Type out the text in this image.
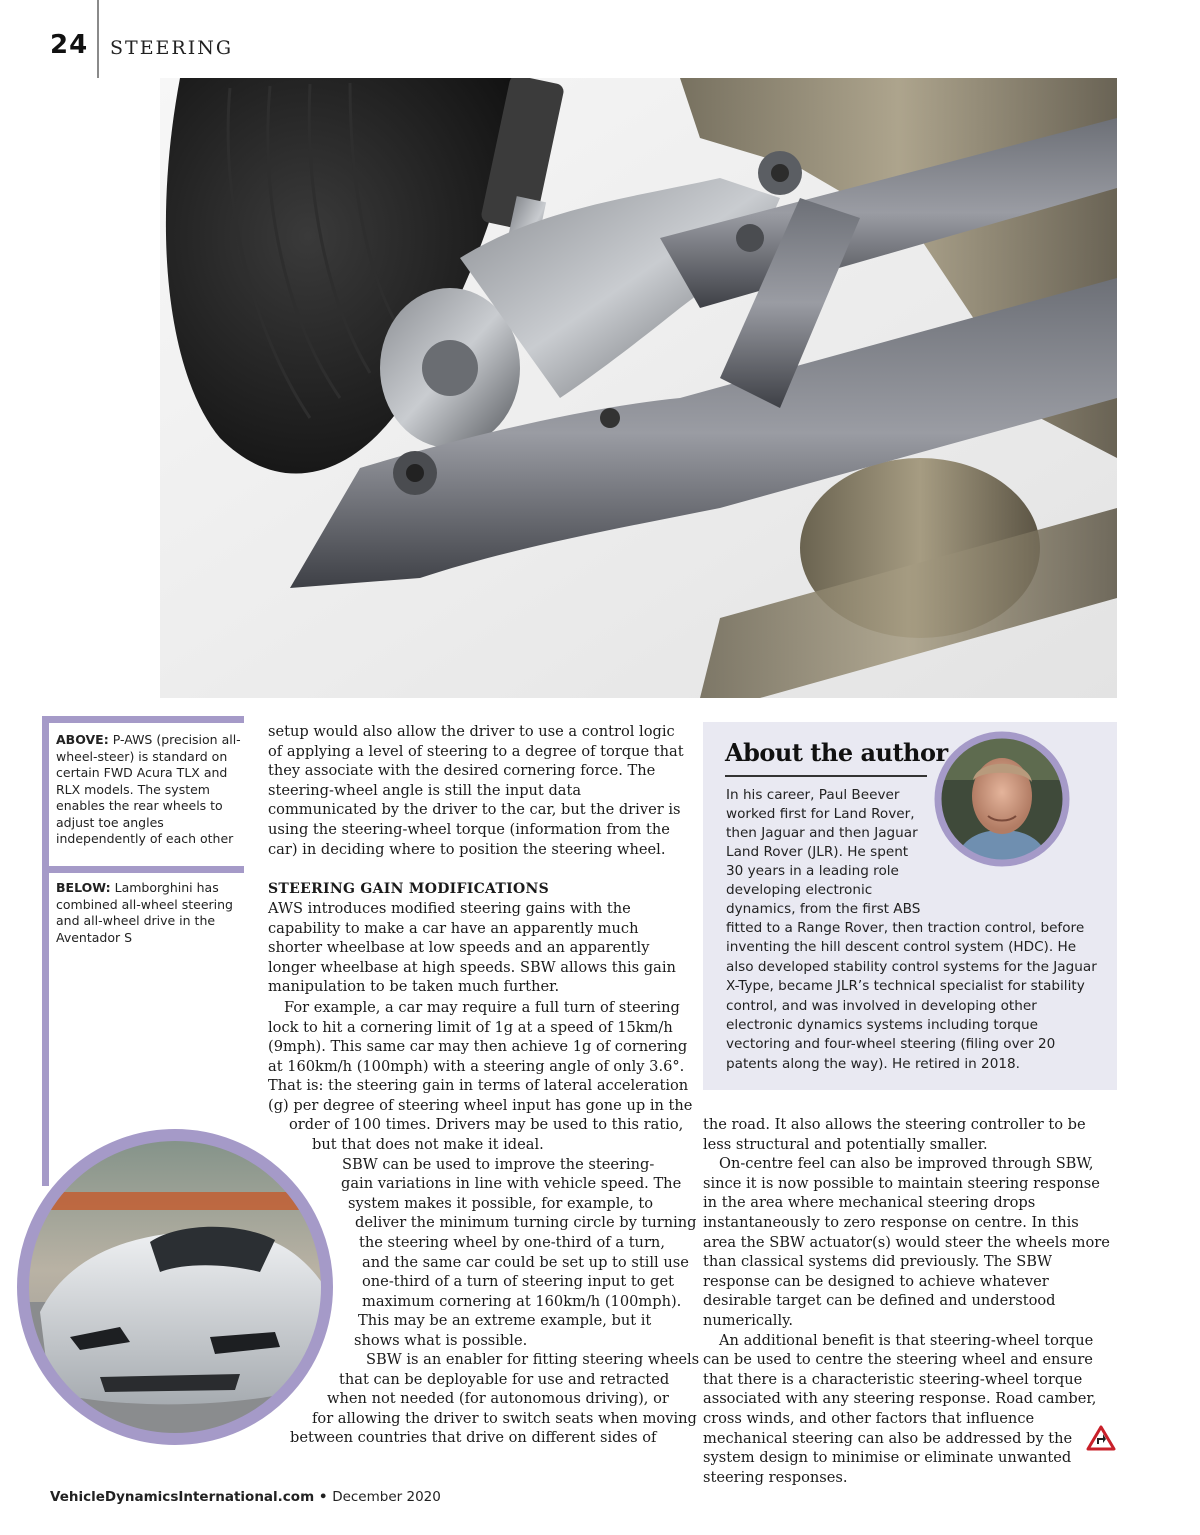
24 STEERING
ABOVE: P-AWS (precision all-wheel-steer) is standard on certain FWD Acura TLX and RLX models. The system enables the rear wheels to adjust toe angles independently of each other
BELOW: Lamborghini has combined all-wheel steering and all-wheel drive in the Aventador S

setup would also allow the driver to use a control logic of applying a level of steering to a degree of torque that they associate with the desired cornering force. The steering-wheel angle is still the input data communicated by the driver to the car, but the driver is using the steering-wheel torque (information from the car) in deciding where to position the steering wheel.

STEERING GAIN MODIFICATIONS

AWS introduces modified steering gains with the capability to make a car have an apparently much shorter wheelbase at low speeds and an apparently longer wheelbase at high speeds. SBW allows this gain manipulation to be taken much further.

For example, a car may require a full turn of steering
lock to hit a cornering limit of 1g at a speed of 15km/h
(9mph). This same car may then achieve 1g of cornering
at 160km/h (100mph) with a steering angle of only 3.6°.
That is: the steering gain in terms of lateral acceleration
(g) per degree of steering wheel input has gone up in the
order of 100 times. Drivers may be used to this ratio,
but that does not make it ideal.
SBW can be used to improve the steering-
gain variations in line with vehicle speed. The
system makes it possible, for example, to
deliver the minimum turning circle by turning
the steering wheel by one-third of a turn,
and the same car could be set up to still use
one-third of a turn of steering input to get
maximum cornering at 160km/h (100mph).
This may be an extreme example, but it
shows what is possible.
SBW is an enabler for fitting steering wheels
that can be deployable for use and retracted
when not needed (for autonomous driving), or
for allowing the driver to switch seats when moving
between countries that drive on different sides of
About the author
In his career, Paul Beever
worked first for Land Rover,
then Jaguar and then Jaguar
Land Rover (JLR). He spent
30 years in a leading role
developing electronic
dynamics, from the first ABS
fitted to a Range Rover, then traction control, before inventing the hill descent control system (HDC). He also developed stability control systems for the Jaguar X-Type, became JLR’s technical specialist for stability control, and was involved in developing other electronic dynamics systems including torque vectoring and four-wheel steering (filing over 20 patents along the way). He retired in 2018.

the road. It also allows the steering controller to be less structural and potentially smaller.

On-centre feel can also be improved through SBW, since it is now possible to maintain steering response in the area where mechanical steering drops instantaneously to zero response on centre. In this area the SBW actuator(s) would steer the wheels more than classical systems did previously. The SBW response can be designed to achieve whatever desirable target can be defined and understood numerically.

An additional benefit is that steering-wheel torque can be used to centre the steering wheel and ensure that there is a characteristic steering-wheel torque associated with any steering response. Road camber, cross winds, and other factors that influence mechanical steering can also be addressed by the system design to minimise or eliminate unwanted steering responses.

VehicleDynamicsInternational.com • December 2020
